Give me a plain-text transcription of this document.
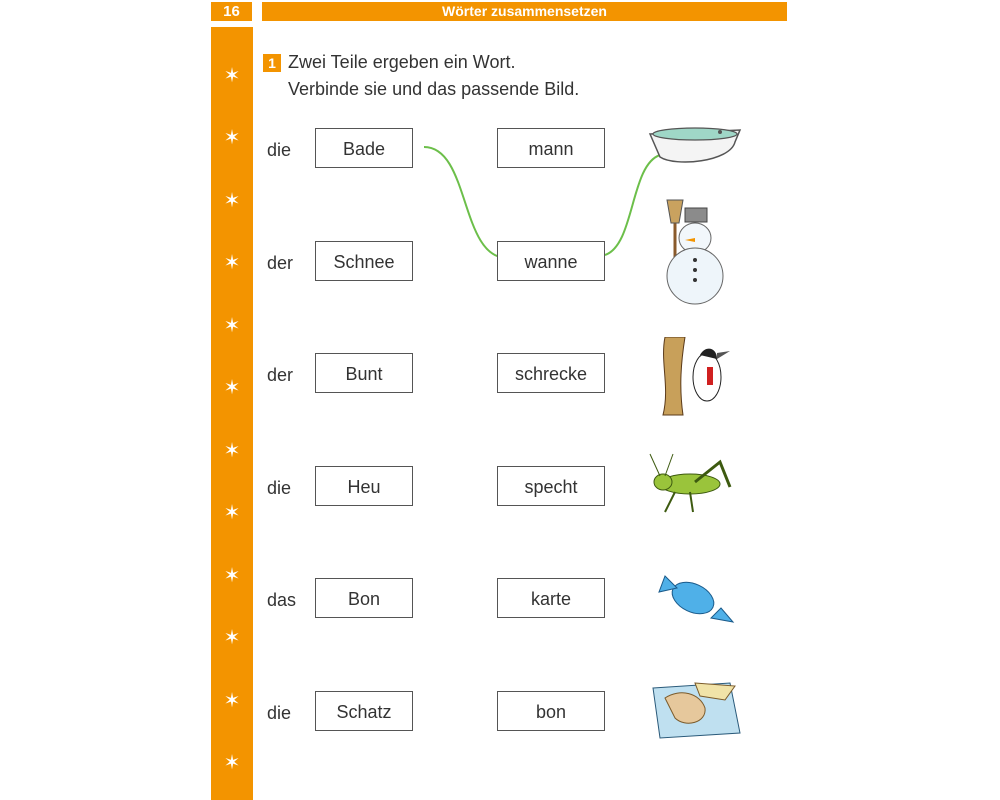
16	Wörter zusammensetzen
✶
✶
✶
✶
✶
✶
✶
✶
✶
✶
✶
✶
1 Zwei Teile ergeben ein Wort.
Verbinde sie und das passende Bild.
die	Bade	mann
der	Schnee	wanne
der	Bunt	schrecke
die	Heu	specht
das	Bon	karte
die	Schatz	bon
